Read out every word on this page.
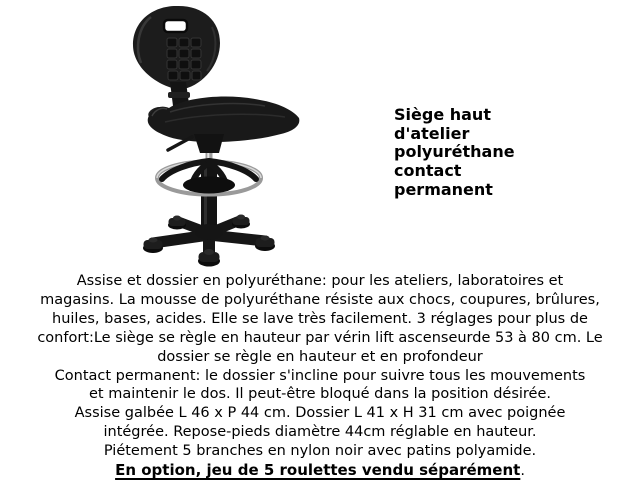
Siège haut
d'atelier
polyuréthane
contact
permanent
Assise et dossier en polyuréthane: pour les ateliers, laboratoires et
magasins. La mousse de polyuréthane résiste aux chocs, coupures, brûlures,
huiles, bases, acides. Elle se lave très facilement. 3 réglages pour plus de
confort:Le siège se règle en hauteur par vérin lift ascenseurde 53 à 80 cm. Le
dossier se règle en hauteur et en profondeur
Contact permanent: le dossier s'incline pour suivre tous les mouvements
et maintenir le dos. Il peut-être bloqué dans la position désirée.
Assise galbée L 46 x P 44 cm. Dossier L 41 x H 31 cm avec poignée
intégrée. Repose-pieds diamètre 44cm réglable en hauteur.
Piétement 5 branches en nylon noir avec patins polyamide.
En option, jeu de 5 roulettes vendu séparément.
